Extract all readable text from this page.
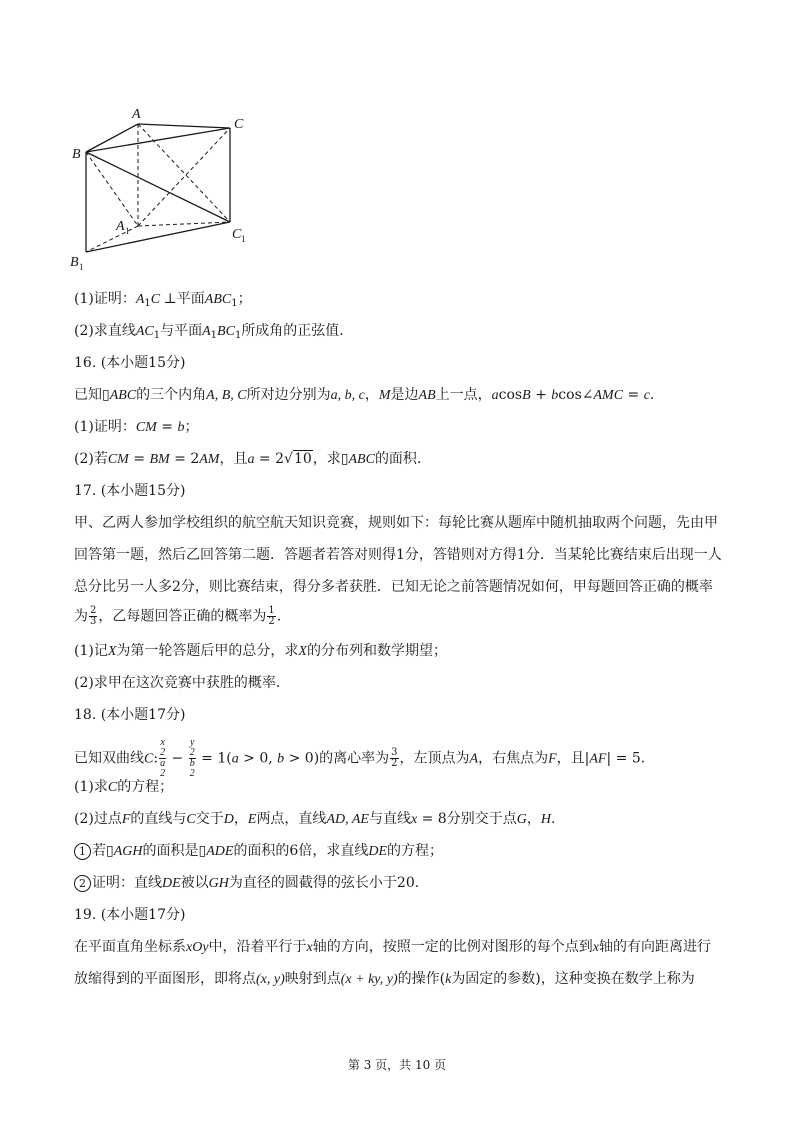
A
C
B
A 1	C 1
B 1
(1)证明：$A_1C$ ⊥平面$ABC_1$；
(2)求直线$AC_1$与平面$A_1BC_1$所成角的正弦值.
16. (本小题15分)
已知▯ABC的三个内角A, B, C所对边分别为a, b, c，M是边AB上一点，acosB + bcos∠AMC = c.
(1)证明：CM = b；
(2)若CM = BM = 2AM，且a = 2√10，求▯ABC的面积.
17. (本小题15分)
甲、乙两人参加学校组织的航空航天知识竞赛，规则如下：每轮比赛从题库中随机抽取两个问题，先由甲
回答第一题，然后乙回答第二题．答题者若答对则得1分，答错则对方得1分．当某轮比赛结束后出现一人
总分比另一人多2分，则比赛结束，得分多者获胜．已知无论之前答题情况如何，甲每题回答正确的概率
为 $\frac{2}{3}$ ，乙每题回答正确的概率为 $\frac{1}{2}$ .
(1)记X为第一轮答题后甲的总分，求X的分布列和数学期望；
(2)求甲在这次竞赛中获胜的概率.
18. (本小题17分)
已知双曲线C: x
2
a
2 − y
2
b
2 = 1(a > 0, b > 0)的离心率为 $\frac{3}{2}$ ，左顶点为A，右焦点为F，且|AF| = 5.
(1)求C的方程；
(2)过点F的直线与C交于D，E两点，直线AD, AE与直线x = 8分别交于点G，H.
1 若▯AGH的面积是▯ADE的面积的6倍，求直线DE的方程；
2 证明：直线DE被以GH为直径的圆截得的弦长小于20.
19. (本小题17分)
在平面直角坐标系xOy中，沿着平行于x轴的方向，按照一定的比例对图形的每个点到x轴的有向距离进行
放缩得到的平面图形，即将点(x, y)映射到点(x + ky, y)的操作(k为固定的参数)，这种变换在数学上称为
第 3 页，共 10 页
